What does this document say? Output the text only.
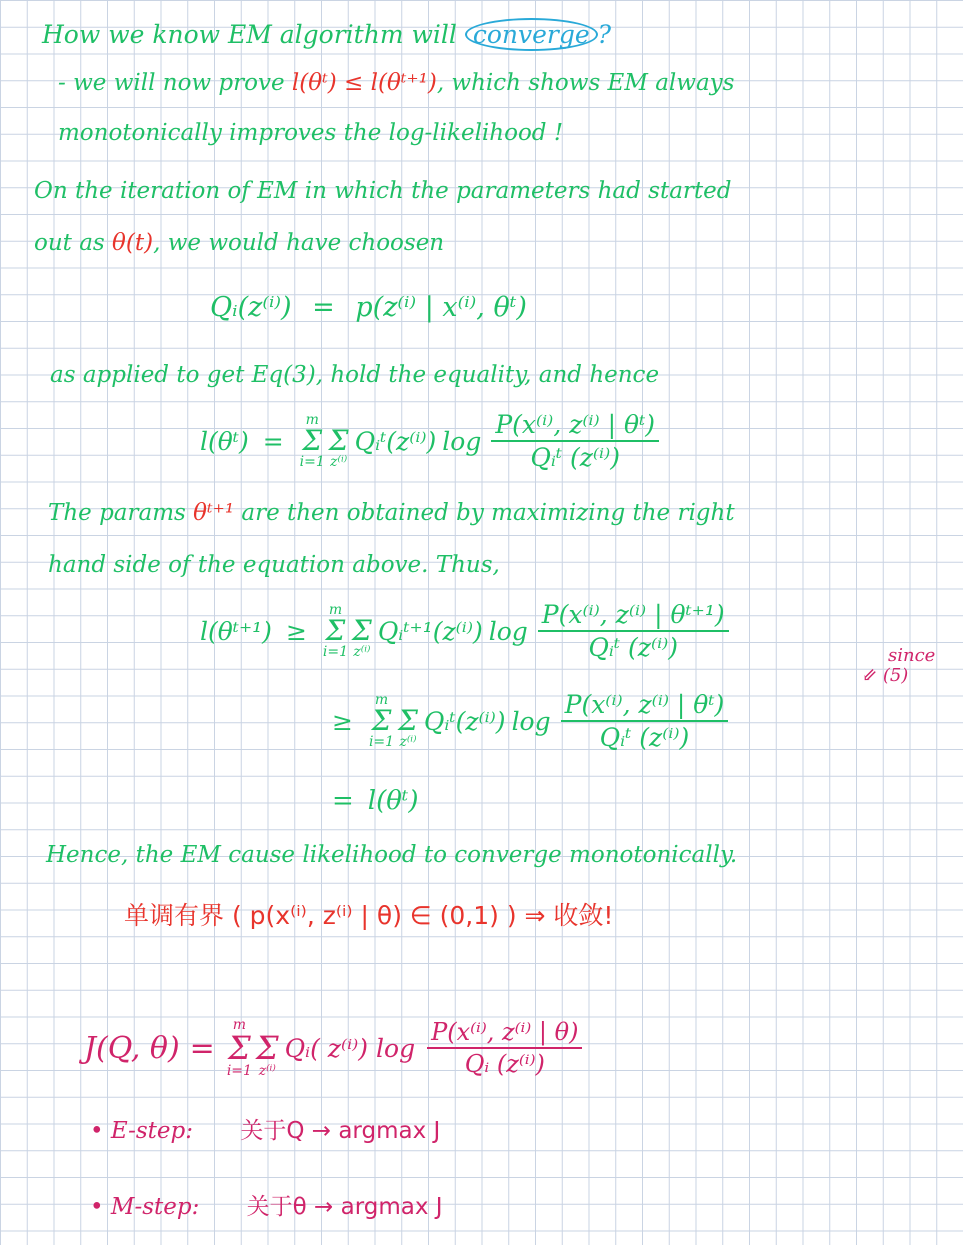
How we know EM algorithm will converge ?
- we will now prove l(θᵗ) ≤ l(θᵗ⁺¹), which shows EM always
monotonically improves the log-likelihood !
On the iteration of EM in which the parameters had started
out as θ(t), we would have choosen
Qᵢ(z⁽ⁱ⁾) = p(z⁽ⁱ⁾ | x⁽ⁱ⁾, θᵗ)
as applied to get Eq(3), hold the equality, and hence
l(θᵗ) =
m
Σ
i=1
Σ
z⁽ⁱ⁾
Qᵢᵗ(z⁽ⁱ⁾) $\log \frac{\text{P(x⁽ⁱ⁾, z⁽ⁱ⁾ | θᵗ)}}{\text{Qᵢᵗ (z⁽ⁱ⁾)}}$
The params θᵗ⁺¹ are then obtained by maximizing the right
hand side of the equation above. Thus,
l(θᵗ⁺¹) ≥
m
Σ
i=1
Σ
z⁽ⁱ⁾
Qᵢᵗ⁺¹(z⁽ⁱ⁾) $\log \frac{\text{P(x⁽ⁱ⁾, z⁽ⁱ⁾ | θᵗ⁺¹)}}{\text{Qᵢᵗ (z⁽ⁱ⁾)}}$	since
⇙ (5)
≥
m
Σ
i=1
Σ
z⁽ⁱ⁾
Qᵢᵗ(z⁽ⁱ⁾) $\log \frac{\text{P(x⁽ⁱ⁾, z⁽ⁱ⁾ | θᵗ)}}{\text{Qᵢᵗ (z⁽ⁱ⁾)}}$
= l(θᵗ)
Hence, the EM cause likelihood to converge monotonically.
单调有界 ( p(x⁽ⁱ⁾, z⁽ⁱ⁾ | θ) ∈ (0,1) ) ⇒ 收敛!
J(Q, θ) =
m
Σ
i=1
Σ
z⁽ⁱ⁾
Qᵢ( z⁽ⁱ⁾) $\log \frac{\text{P(x⁽ⁱ⁾, z⁽ⁱ⁾ | θ)}}{\text{Qᵢ (z⁽ⁱ⁾)}}$
• E-step: 关于Q → argmax J
• M-step: 关于θ → argmax J
